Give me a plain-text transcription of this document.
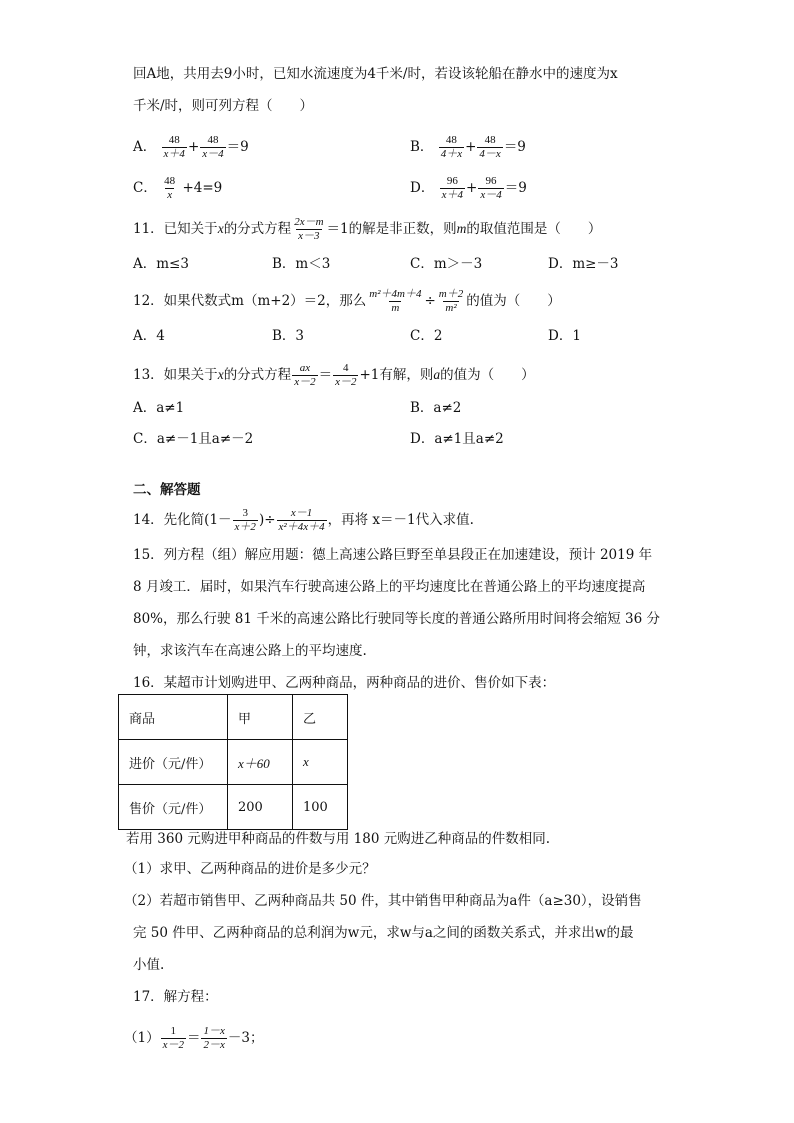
回A地，共用去9小时，已知水流速度为4千米/时，若设该轮船在静水中的速度为x
千米/时，则可列方程（　　）
A． $\frac{48}{x+4} + \frac{48}{x-4} =9$	B． $\frac{48}{4+x} + \frac{48}{4-x} =9$
C． $\frac{48}{x} +4=9$	D． $\frac{96}{x+4} + \frac{96}{x-4} =9$
11．已知关于x的分式方程 $\frac{2x-m}{x-3} =1$的解是非正数，则m的取值范围是（　　）
A．m≤3	B．m＜3	C．m＞－3	D．m≥－3
12．如果代数式m（m+2）＝2，那么 $\frac{\text{m²＋4m＋4}}{m} \div \frac{m+2}{\text{m²}}$ 的值为（　　）
A．4	B．3	C．2	D．1
13．如果关于x的分式方程 $\frac{ax}{x-2} = \frac{4}{x-2} +1$有解，则a的值为（　　）
A．a≠1	B．a≠2
C．a≠－1且a≠－2	D．a≠1且a≠2
二、解答题
14．先化简($1- \frac{3}{x+2}$ )÷ $\frac{x-1}{\text{x²＋4x＋4}}$ ，再将 x＝－1代入求值.
15．列方程（组）解应用题：德上高速公路巨野至单县段正在加速建设，预计 2019 年
8 月竣工．届时，如果汽车行驶高速公路上的平均速度比在普通公路上的平均速度提高
80%，那么行驶 81 千米的高速公路比行驶同等长度的普通公路所用时间将会缩短 36 分
钟，求该汽车在高速公路上的平均速度.
16．某超市计划购进甲、乙两种商品，两种商品的进价、售价如下表：
商品	甲	乙
进价（元/件）	x＋60	x
售价（元/件）	200	100
若用 360 元购进甲种商品的件数与用 180 元购进乙种商品的件数相同.
（1）求甲、乙两种商品的进价是多少元？
（2）若超市销售甲、乙两种商品共 50 件，其中销售甲种商品为a件（a≥30），设销售
完 50 件甲、乙两种商品的总利润为w元，求w与a之间的函数关系式，并求出w的最
小值.
17．解方程：
$(1) \frac{1}{x-2} = \frac{1-x}{2-x} -3$；
